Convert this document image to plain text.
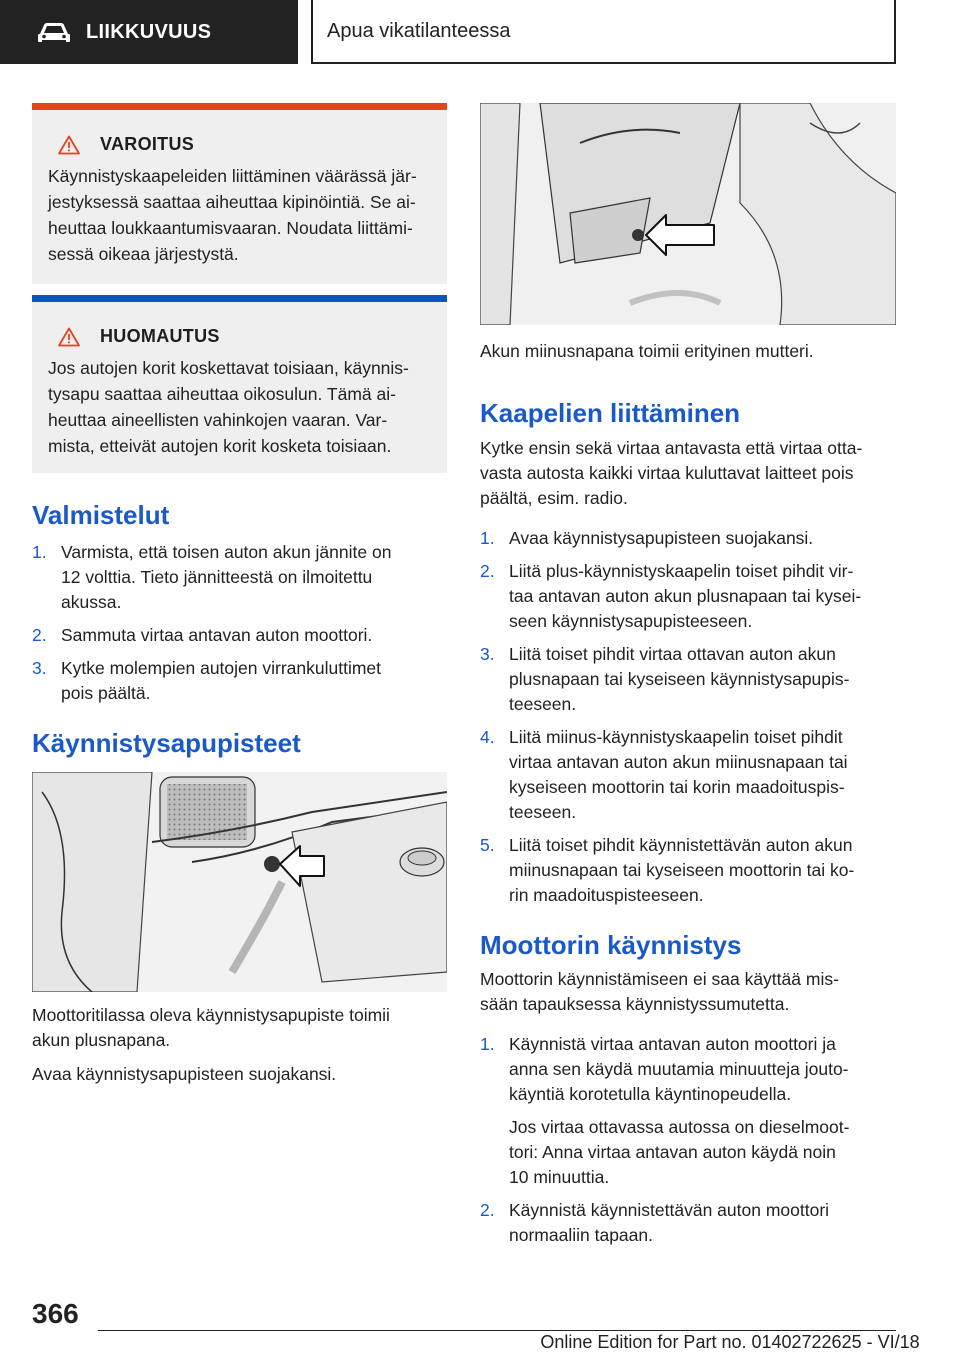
LIIKKUVUUS	Apua vikatilanteessa
VAROITUS
Käynnistyskaapeleiden liittäminen väärässä jär-
jestyksessä saattaa aiheuttaa kipinöintiä. Se ai-
heuttaa loukkaantumisvaaran. Noudata liittämi-
sessä oikeaa järjestystä.
HUOMAUTUS
Jos autojen korit koskettavat toisiaan, käynnis-
tysapu saattaa aiheuttaa oikosulun. Tämä ai-
heuttaa aineellisten vahinkojen vaaran. Var-
mista, etteivät autojen korit kosketa toisiaan.
Valmistelut
1. Varmista, että toisen auton akun jännite on
12 volttia. Tieto jännitteestä on ilmoitettu
akussa.
2. Sammuta virtaa antavan auton moottori.
3. Kytke molempien autojen virrankuluttimet
pois päältä.
Käynnistysapupisteet
Moottoritilassa oleva käynnistysapupiste toimii
akun plusnapana.
Avaa käynnistysapupisteen suojakansi.
Akun miinusnapana toimii erityinen mutteri.
Kaapelien liittäminen
Kytke ensin sekä virtaa antavasta että virtaa otta-
vasta autosta kaikki virtaa kuluttavat laitteet pois
päältä, esim. radio.
1. Avaa käynnistysapupisteen suojakansi.
2. Liitä plus-käynnistyskaapelin toiset pihdit vir-
taa antavan auton akun plusnapaan tai kysei-
seen käynnistysapupisteeseen.
3. Liitä toiset pihdit virtaa ottavan auton akun
plusnapaan tai kyseiseen käynnistysapupis-
teeseen.
4. Liitä miinus-käynnistyskaapelin toiset pihdit
virtaa antavan auton akun miinusnapaan tai
kyseiseen moottorin tai korin maadoituspis-
teeseen.
5. Liitä toiset pihdit käynnistettävän auton akun
miinusnapaan tai kyseiseen moottorin tai ko-
rin maadoituspisteeseen.
Moottorin käynnistys
Moottorin käynnistämiseen ei saa käyttää mis-
sään tapauksessa käynnistyssumutetta.
1. Käynnistä virtaa antavan auton moottori ja
anna sen käydä muutamia minuutteja jouto-
käyntiä korotetulla käyntinopeudella.
Jos virtaa ottavassa autossa on dieselmoot-
tori: Anna virtaa antavan auton käydä noin
10 minuuttia.
2. Käynnistä käynnistettävän auton moottori
normaaliin tapaan.
366
Online Edition for Part no. 01402722625 - VI/18
